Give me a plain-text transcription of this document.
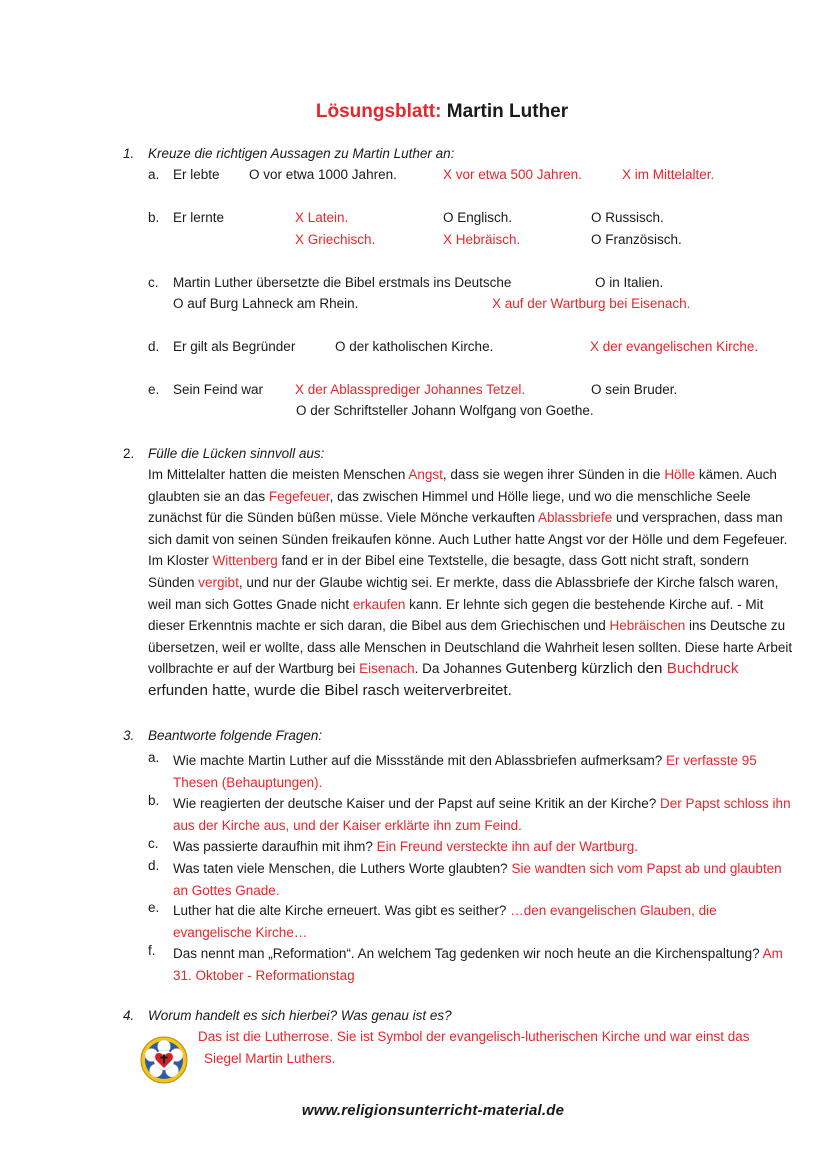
Lösungsblatt: Martin Luther
1. Kreuze die richtigen Aussagen zu Martin Luther an:
a. Er lebte O vor etwa 1000 Jahren.	X vor etwa 500 Jahren.	X im Mittelalter.
b. Er lernte	X Latein.	O Englisch.	O Russisch.
X Griechisch.	X Hebräisch.	O Französisch.
c. Martin Luther übersetzte die Bibel erstmals ins Deutsche	O in Italien.
O auf Burg Lahneck am Rhein.	X auf der Wartburg bei Eisenach.
d. Er gilt als Begründer	O der katholischen Kirche.	X der evangelischen Kirche.
e. Sein Feind war X der Ablassprediger Johannes Tetzel.	O sein Bruder.
O der Schriftsteller Johann Wolfgang von Goethe.
2. Fülle die Lücken sinnvoll aus:
Im Mittelalter hatten die meisten Menschen Angst, dass sie wegen ihrer Sünden in die Hölle kämen. Auch glaubten sie an das Fegefeuer, das zwischen Himmel und Hölle liege, und wo die menschliche Seele zunächst für die Sünden büßen müsse. Viele Mönche verkauften Ablassbriefe und versprachen, dass man sich damit von seinen Sünden freikaufen könne. Auch Luther hatte Angst vor der Hölle und dem Fegefeuer. Im Kloster Wittenberg fand er in der Bibel eine Textstelle, die besagte, dass Gott nicht straft, sondern Sünden vergibt, und nur der Glaube wichtig sei. Er merkte, dass die Ablassbriefe der Kirche falsch waren, weil man sich Gottes Gnade nicht erkaufen kann. Er lehnte sich gegen die bestehende Kirche auf. - Mit dieser Erkenntnis machte er sich daran, die Bibel aus dem Griechischen und Hebräischen ins Deutsche zu übersetzen, weil er wollte, dass alle Menschen in Deutschland die Wahrheit lesen sollten. Diese harte Arbeit vollbrachte er auf der Wartburg bei Eisenach. Da Johannes Gutenberg kürzlich den Buchdruck erfunden hatte, wurde die Bibel rasch weiterverbreitet.
3. Beantworte folgende Fragen:
a. Wie machte Martin Luther auf die Missstände mit den Ablassbriefen aufmerksam? Er verfasste 95 Thesen (Behauptungen).
b. Wie reagierten der deutsche Kaiser und der Papst auf seine Kritik an der Kirche? Der Papst schloss ihn aus der Kirche aus, und der Kaiser erklärte ihn zum Feind.
c. Was passierte daraufhin mit ihm? Ein Freund versteckte ihn auf der Wartburg.
d. Was taten viele Menschen, die Luthers Worte glaubten? Sie wandten sich vom Papst ab und glaubten an Gottes Gnade.
e. Luther hat die alte Kirche erneuert. Was gibt es seither? …den evangelischen Glauben, die evangelische Kirche…
f. Das nennt man „Reformation“. An welchem Tag gedenken wir noch heute an die Kirchenspaltung? Am 31. Oktober - Reformationstag
4. Worum handelt es sich hierbei? Was genau ist es?
Das ist die Lutherrose. Sie ist Symbol der evangelisch-lutherischen Kirche und war einst das
Siegel Martin Luthers.
www.religionsunterricht-material.de
